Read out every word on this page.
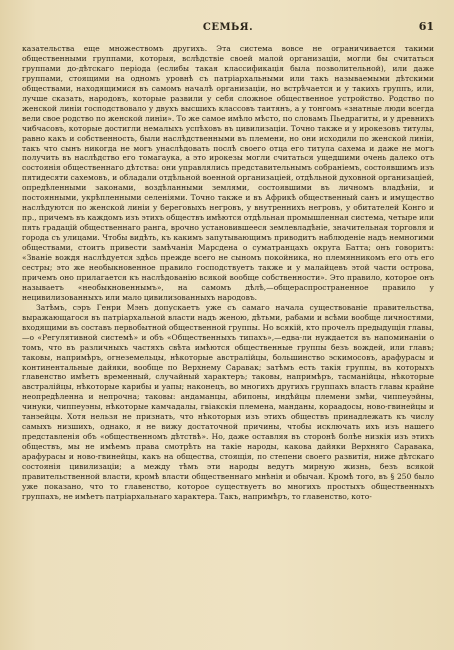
СЕМЬЯ.	61

казательства еще множествомъ другихъ. Эта система вовсе не ограничивается такими общественными группами, которыя, вслѣдствіе своей малой организаціи, могли бы считаться группами до-дѣтскаго періода (еслибы такая классификація была позволительной), или даже группами, стоящими на одномъ уровнѣ съ патріархальными или такъ называемыми дѣтскими обществами, находящимися въ самомъ началѣ организаціи, но встрѣчается и у такихъ группъ, или, лучше сказать, народовъ, которые развили у себя сложное общественное устройство. Родство по женской линіи господствовало у двухъ высшихъ классовъ таитянъ, а у тонгомъ «знатные люди всегда вели свое родство по женской линіи». То же самое имѣло мѣсто, по словамъ Пьедрагиты, и у древнихъ чибчасовъ, которые достигли немалыхъ успѣховъ въ цивилизаціи. Точно также и у ирокезовъ титулы, равно какъ и собственность, были наслѣдственными въ племени, но они исходили по женской линіи, такъ что сынъ никогда не могъ унаслѣдовать послѣ своего отца его титула сахема и даже не могъ получить въ наслѣдство его томагаука, а это ирокезы могли считаться ущедшими очень далеко отъ состоянія общественнаго дѣтства: они управлялись представительнымъ собраніемъ, состоявшимъ изъ пятидесяти сахемовъ, и обладали отдѣльной военной организаціей, отдѣльной духовной организаціей, опредѣленными законами, воздѣланными землями, состоявшими въ личномъ владѣніи, и постоянными, укрѣпленными селеніями. Точно также и въ Африкѣ общественный санъ и имущество наслѣдуются по женской линіи у береговыхъ негровъ, у внутреннихъ негровъ, у обитателей Конго и пр., причемъ въ каждомъ изъ этихъ обществъ имѣются отдѣльная промышленная система, четыре или пять градацій общественнаго ранга, врочно установившееся землевладѣніе, значительная торговля и города съ улицами. Чтобы видѣть, къ какимъ запутывающимъ приводитъ наблюденіе надъ немногими обществами, стоитъ привести замѣчанія Марсдена о суматранцахъ округа Батта; онъ говоритъ: «Званіе вождя наслѣдуется здѣсь прежде всего не сыномъ покойника, но племянникомъ его отъ его сестры; это же необыкновенное правило господствуетъ также и у малайцевъ этой части острова, причемъ оно прилагается къ наслѣдованію всякой вообще собственности». Это правило, которое онъ называетъ «необыкновеннымъ», на самомъ дѣлѣ,—общераспространенное правило у нецивилизованныхъ или мало цивилизованныхъ народовъ.

Затѣмъ, сэръ Генри Мэнъ допускаетъ уже съ самаго начала существованіе правительства, выражающагося въ патріархальной власти надъ женою, дѣтьми, рабами и всѣми вообще личностями, входящими въ составъ первобытной общественной группы. Но всякій, кто прочелъ предыдущія главы,—о «Регулятивной системѣ» и объ «Общественныхъ типахъ»,—едва-ли нуждается въ напоминаніи о томъ, что въ различныхъ частяхъ свѣта имѣются общественные группы безъ вождей, или главъ; таковы, напримѣръ, огнеземельцы, нѣкоторые австралійцы, большинство эскимосовъ, арафурасы и континентальные дайяки, вообще по Верхнему Саравак; затѣмъ есть такія группы, въ которыхъ главенство имѣетъ временный, случайный характеръ; таковы, напримѣръ, тасманійцы, нѣкоторые австралійцы, нѣкоторые карибы и уапы; наконецъ, во многихъ другихъ группахъ власть главы крайне неопредѣленна и непрочна; таковы: андаманцы, абипоны, индѣйцы племени змѣи, чиппеуэйны, чинуки, чиппеуэны, нѣкоторые камчадалы, гвіакскія племена, манданы, кораадосы, ново-гвинейцы и танэейцы. Хотя нельзя не признать, что нѣкоторыя изъ этихъ обществъ принадлежатъ къ числу самыхъ низшихъ, однако, я не вижу достаточной причины, чтобы исключать ихъ изъ нашего представленія объ «общественномъ дѣтствѣ». Но, даже оставляя въ сторонѣ болѣе низкія изъ этихъ обществъ, мы не имѣемъ права смотрѣть на такіе народы, какова дайяки Верхняго Саравака, арафурасы и ново-гвинейцы, какъ на общества, стоящія, по степени своего развитія, ниже дѣтскаго состоянія цивилизаціи; а между тѣмъ эти народы ведутъ мирную жизнь, безъ всякой правительственной власти, кромѣ власти общественнаго мнѣнія и обычая. Кромѣ того, въ § 250 было уже показано, что то главенство, которое существуетъ во многихъ простыхъ общественныхъ группахъ, не имѣетъ патріархальнаго характера. Такъ, напримѣръ, то главенство, кото-
